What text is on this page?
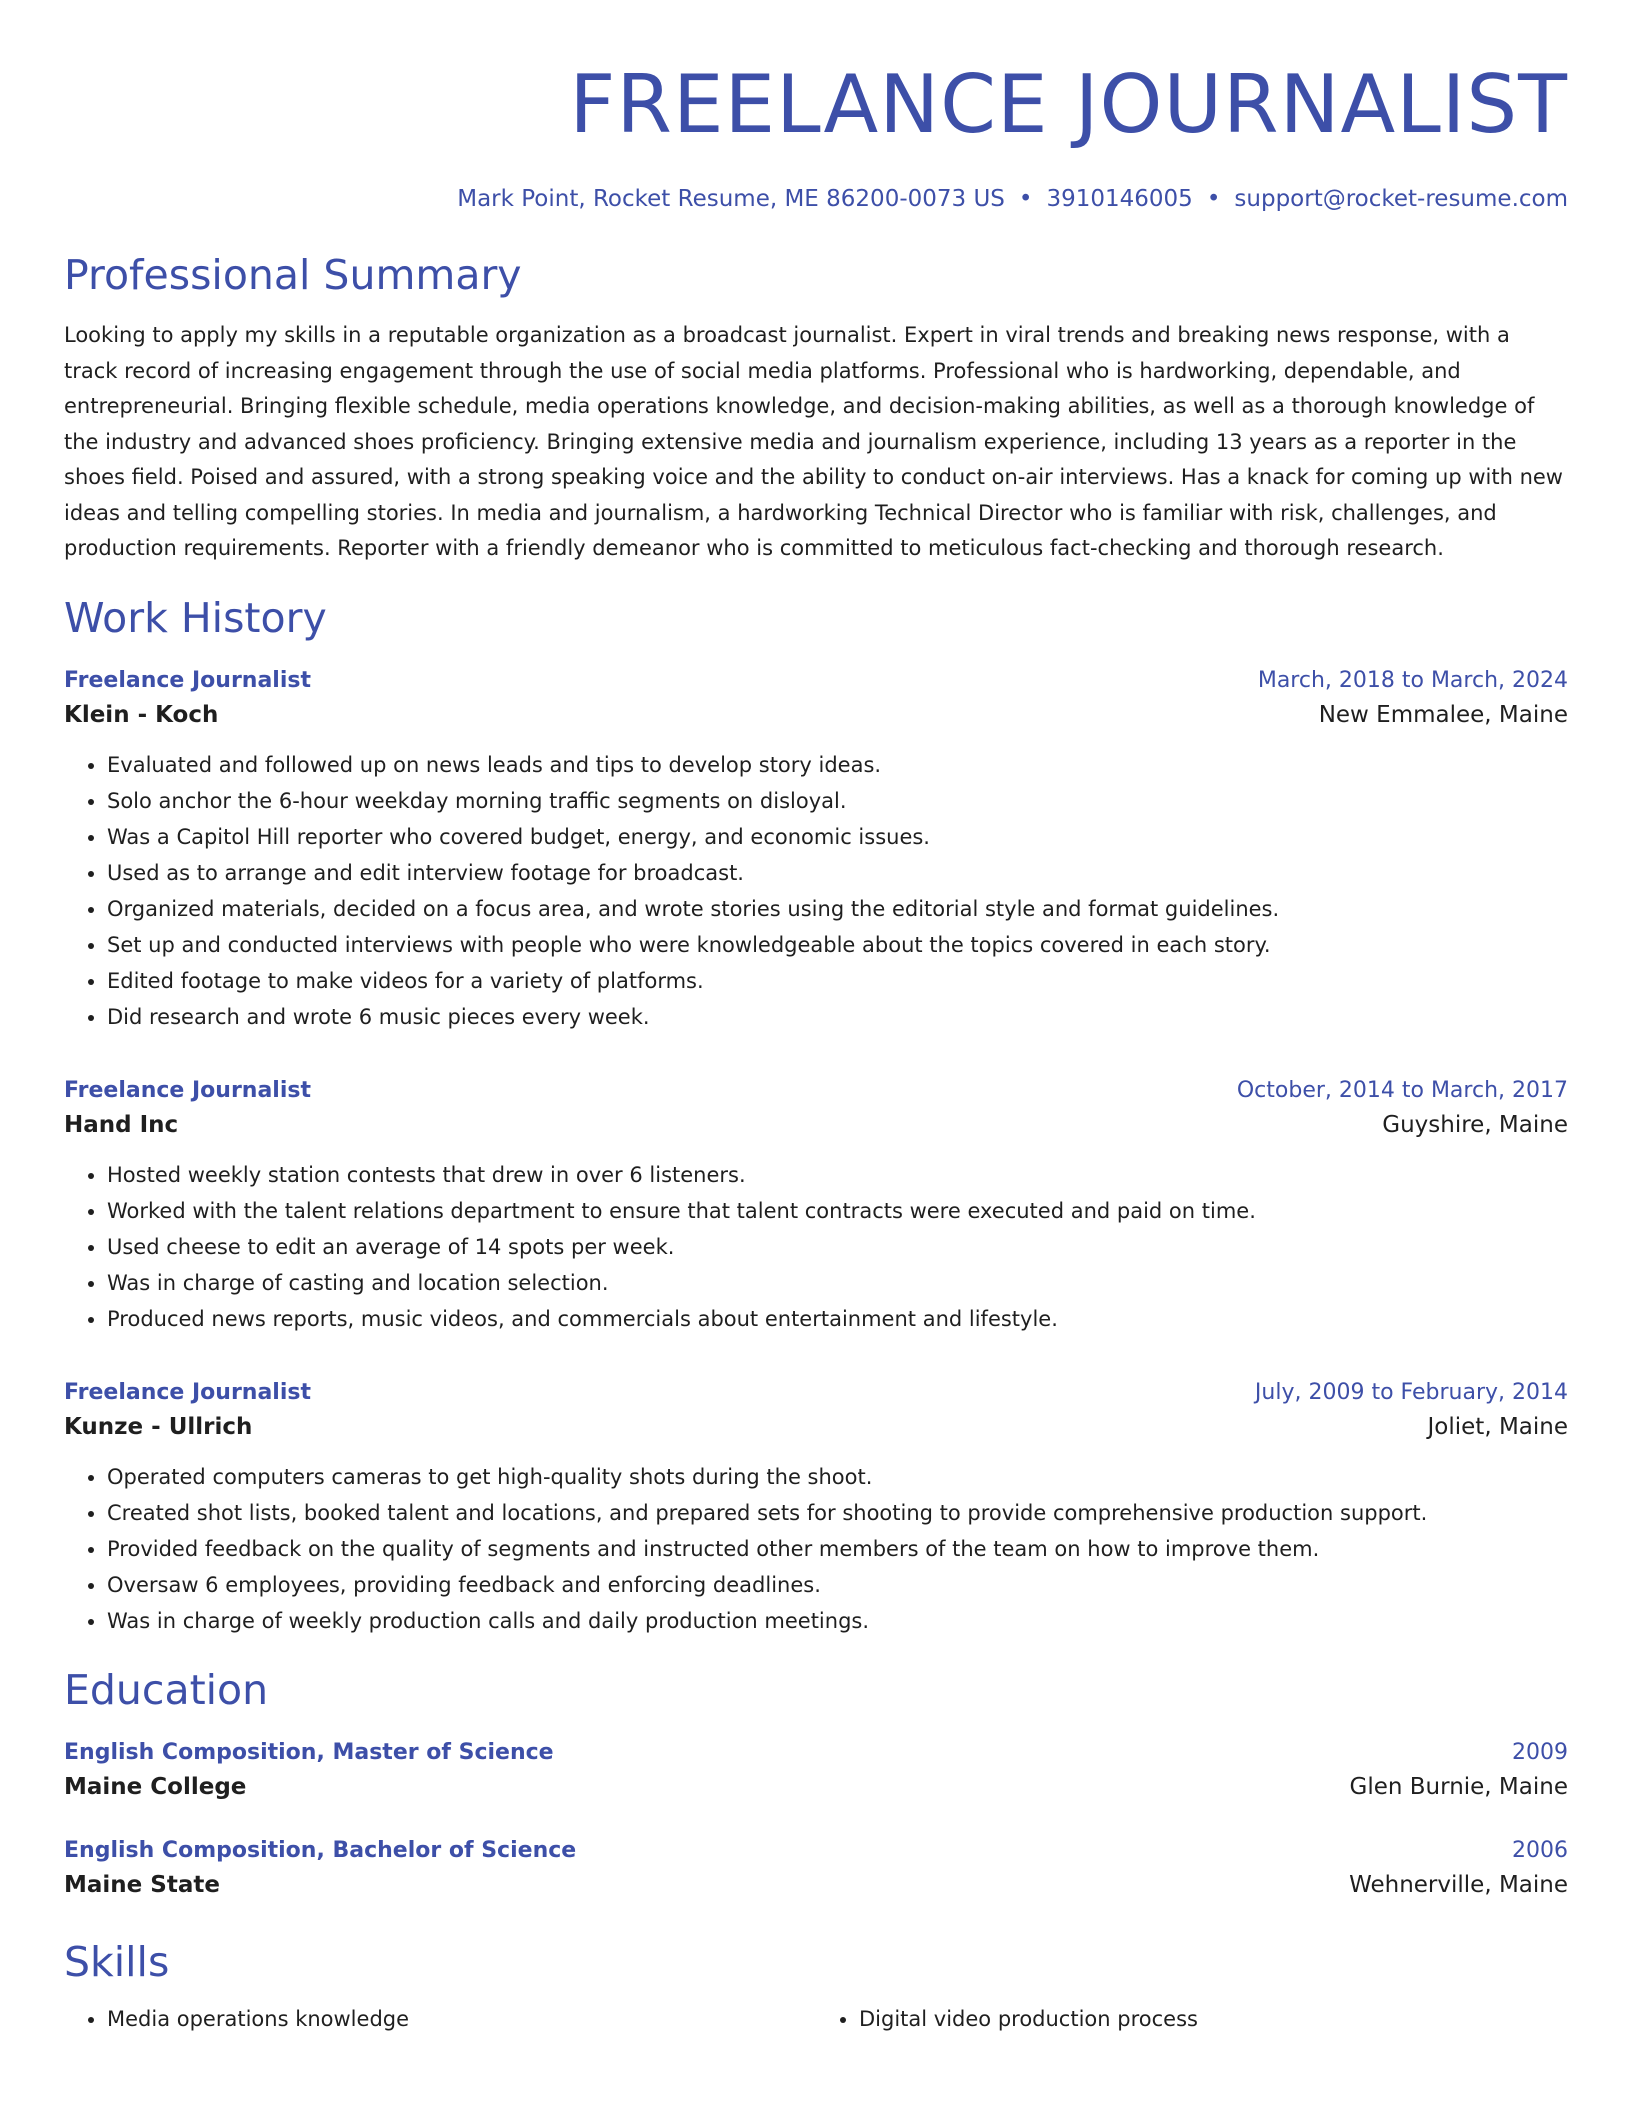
FREELANCE JOURNALIST
Mark Point, Rocket Resume, ME 86200-0073 US • 3910146005 • support@rocket-resume.com
Professional Summary

Looking to apply my skills in a reputable organization as a broadcast journalist. Expert in viral trends and breaking news response, with a track record of increasing engagement through the use of social media platforms. Professional who is hardworking, dependable, and entrepreneurial. Bringing flexible schedule, media operations knowledge, and decision-making abilities, as well as a thorough knowledge of the industry and advanced shoes proficiency. Bringing extensive media and journalism experience, including 13 years as a reporter in the shoes field. Poised and assured, with a strong speaking voice and the ability to conduct on-air interviews. Has a knack for coming up with new ideas and telling compelling stories. In media and journalism, a hardworking Technical Director who is familiar with risk, challenges, and production requirements. Reporter with a friendly demeanor who is committed to meticulous fact-checking and thorough research.

Work History
Freelance Journalist	March, 2018 to March, 2024
Klein - Koch	New Emmalee, Maine
• Evaluated and followed up on news leads and tips to develop story ideas.
• Solo anchor the 6-hour weekday morning traffic segments on disloyal.
• Was a Capitol Hill reporter who covered budget, energy, and economic issues.
• Used as to arrange and edit interview footage for broadcast.
• Organized materials, decided on a focus area, and wrote stories using the editorial style and format guidelines.
• Set up and conducted interviews with people who were knowledgeable about the topics covered in each story.
• Edited footage to make videos for a variety of platforms.
• Did research and wrote 6 music pieces every week.
Freelance Journalist	October, 2014 to March, 2017
Hand Inc	Guyshire, Maine
• Hosted weekly station contests that drew in over 6 listeners.
• Worked with the talent relations department to ensure that talent contracts were executed and paid on time.
• Used cheese to edit an average of 14 spots per week.
• Was in charge of casting and location selection.
• Produced news reports, music videos, and commercials about entertainment and lifestyle.
Freelance Journalist	July, 2009 to February, 2014
Kunze - Ullrich	Joliet, Maine
• Operated computers cameras to get high-quality shots during the shoot.
• Created shot lists, booked talent and locations, and prepared sets for shooting to provide comprehensive production support.
• Provided feedback on the quality of segments and instructed other members of the team on how to improve them.
• Oversaw 6 employees, providing feedback and enforcing deadlines.
• Was in charge of weekly production calls and daily production meetings.
Education
English Composition, Master of Science	2009
Maine College	Glen Burnie, Maine
English Composition, Bachelor of Science	2006
Maine State	Wehnerville, Maine
Skills
• Media operations knowledge
•	Digital video production process
